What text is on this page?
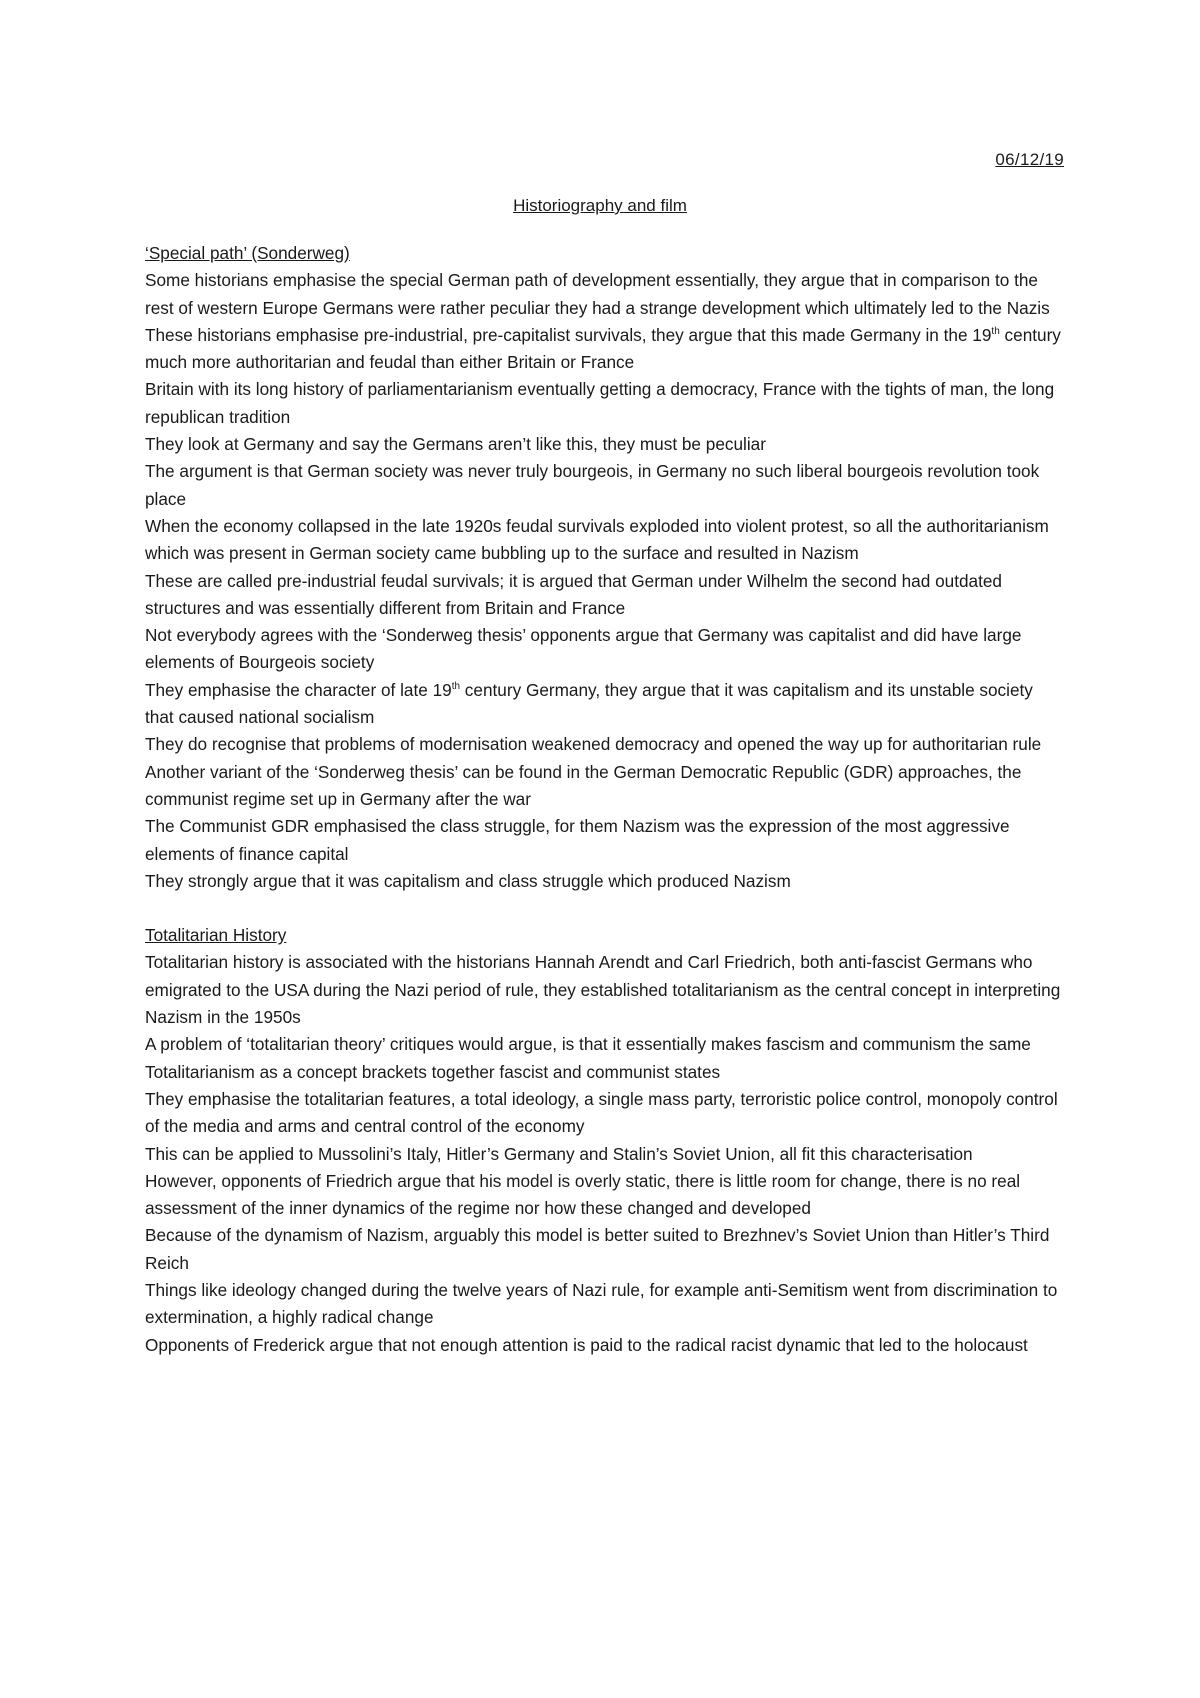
06/12/19
Historiography and film

‘Special path’ (Sonderweg)

Some historians emphasise the special German path of development essentially, they argue that in comparison to the rest of western Europe Germans were rather peculiar they had a strange development which ultimately led to the Nazis

These historians emphasise pre-industrial, pre-capitalist survivals, they argue that this made Germany in the 19th century much more authoritarian and feudal than either Britain or France

Britain with its long history of parliamentarianism eventually getting a democracy, France with the tights of man, the long republican tradition

They look at Germany and say the Germans aren’t like this, they must be peculiar

The argument is that German society was never truly bourgeois, in Germany no such liberal bourgeois revolution took place

When the economy collapsed in the late 1920s feudal survivals exploded into violent protest, so all the authoritarianism which was present in German society came bubbling up to the surface and resulted in Nazism

These are called pre-industrial feudal survivals; it is argued that German under Wilhelm the second had outdated structures and was essentially different from Britain and France

Not everybody agrees with the ‘Sonderweg thesis’ opponents argue that Germany was capitalist and did have large elements of Bourgeois society

They emphasise the character of late 19th century Germany, they argue that it was capitalism and its unstable society that caused national socialism

They do recognise that problems of modernisation weakened democracy and opened the way up for authoritarian rule

Another variant of the ‘Sonderweg thesis’ can be found in the German Democratic Republic (GDR) approaches, the communist regime set up in Germany after the war

The Communist GDR emphasised the class struggle, for them Nazism was the expression of the most aggressive elements of finance capital

They strongly argue that it was capitalism and class struggle which produced Nazism

Totalitarian History

Totalitarian history is associated with the historians Hannah Arendt and Carl Friedrich, both anti-fascist Germans who emigrated to the USA during the Nazi period of rule, they established totalitarianism as the central concept in interpreting Nazism in the 1950s

A problem of ‘totalitarian theory’ critiques would argue, is that it essentially makes fascism and communism the same

Totalitarianism as a concept brackets together fascist and communist states

They emphasise the totalitarian features, a total ideology, a single mass party, terroristic police control, monopoly control of the media and arms and central control of the economy

This can be applied to Mussolini’s Italy, Hitler’s Germany and Stalin’s Soviet Union, all fit this characterisation

However, opponents of Friedrich argue that his model is overly static, there is little room for change, there is no real assessment of the inner dynamics of the regime nor how these changed and developed

Because of the dynamism of Nazism, arguably this model is better suited to Brezhnev’s Soviet Union than Hitler’s Third Reich

Things like ideology changed during the twelve years of Nazi rule, for example anti-Semitism went from discrimination to extermination, a highly radical change

Opponents of Frederick argue that not enough attention is paid to the radical racist dynamic that led to the holocaust
